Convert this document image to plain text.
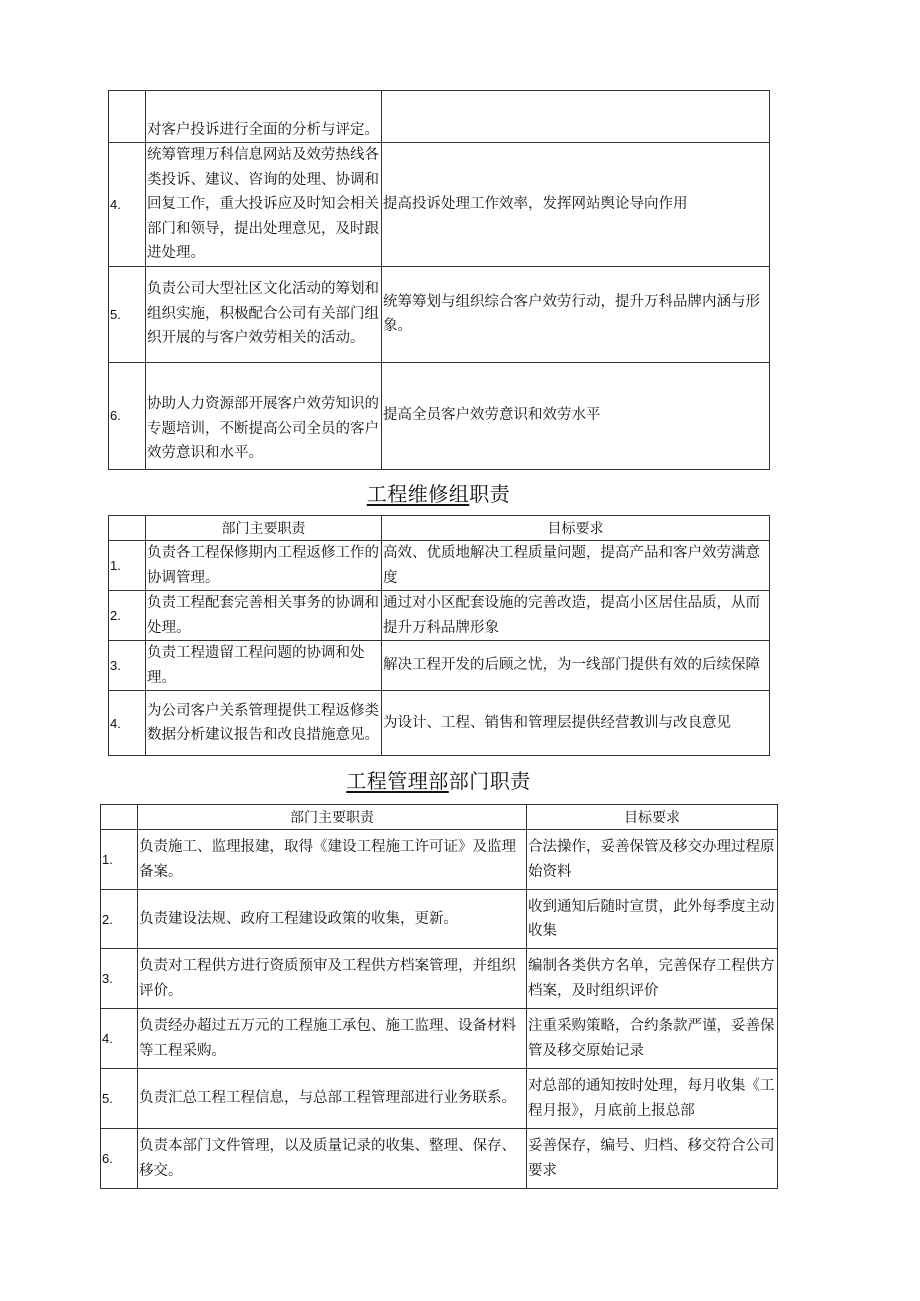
	对客户投诉进行全面的分析与评定。	
4.	统筹管理万科信息网站及效劳热线各类投诉、建议、咨询的处理、协调和回复工作，重大投诉应及时知会相关部门和领导，提出处理意见，及时跟进处理。	提高投诉处理工作效率，发挥网站舆论导向作用
5.	负责公司大型社区文化活动的筹划和组织实施，积极配合公司有关部门组织开展的与客户效劳相关的活动。	统筹筹划与组织综合客户效劳行动，提升万科品牌内涵与形象。
6.	协助人力资源部开展客户效劳知识的专题培训，不断提高公司全员的客户效劳意识和水平。	提高全员客户效劳意识和效劳水平
工程维修组职责
	部门主要职责	目标要求
1.	负责各工程保修期内工程返修工作的协调管理。	高效、优质地解决工程质量问题，提高产品和客户效劳满意度
2.	负责工程配套完善相关事务的协调和处理。	通过对小区配套设施的完善改造，提高小区居住品质，从而提升万科品牌形象
3.	负责工程遗留工程问题的协调和处理。	解决工程开发的后顾之忧，为一线部门提供有效的后续保障
4.	为公司客户关系管理提供工程返修类数据分析建议报告和改良措施意见。	为设计、工程、销售和管理层提供经营教训与改良意见
工程管理部部门职责
	部门主要职责	目标要求
1.	负责施工、监理报建，取得《建设工程施工许可证》及监理备案。	合法操作，妥善保管及移交办理过程原始资料
2.	负责建设法规、政府工程建设政策的收集，更新。	收到通知后随时宣贯，此外每季度主动收集
3.	负责对工程供方进行资质预审及工程供方档案管理，并组织评价。	编制各类供方名单，完善保存工程供方档案，及时组织评价
4.	负责经办超过五万元的工程施工承包、施工监理、设备材料等工程采购。	注重采购策略，合约条款严谨，妥善保管及移交原始记录
5.	负责汇总工程工程信息，与总部工程管理部进行业务联系。	对总部的通知按时处理，每月收集《工程月报》，月底前上报总部
6.	负责本部门文件管理，以及质量记录的收集、整理、保存、移交。	妥善保存，编号、归档、移交符合公司要求
